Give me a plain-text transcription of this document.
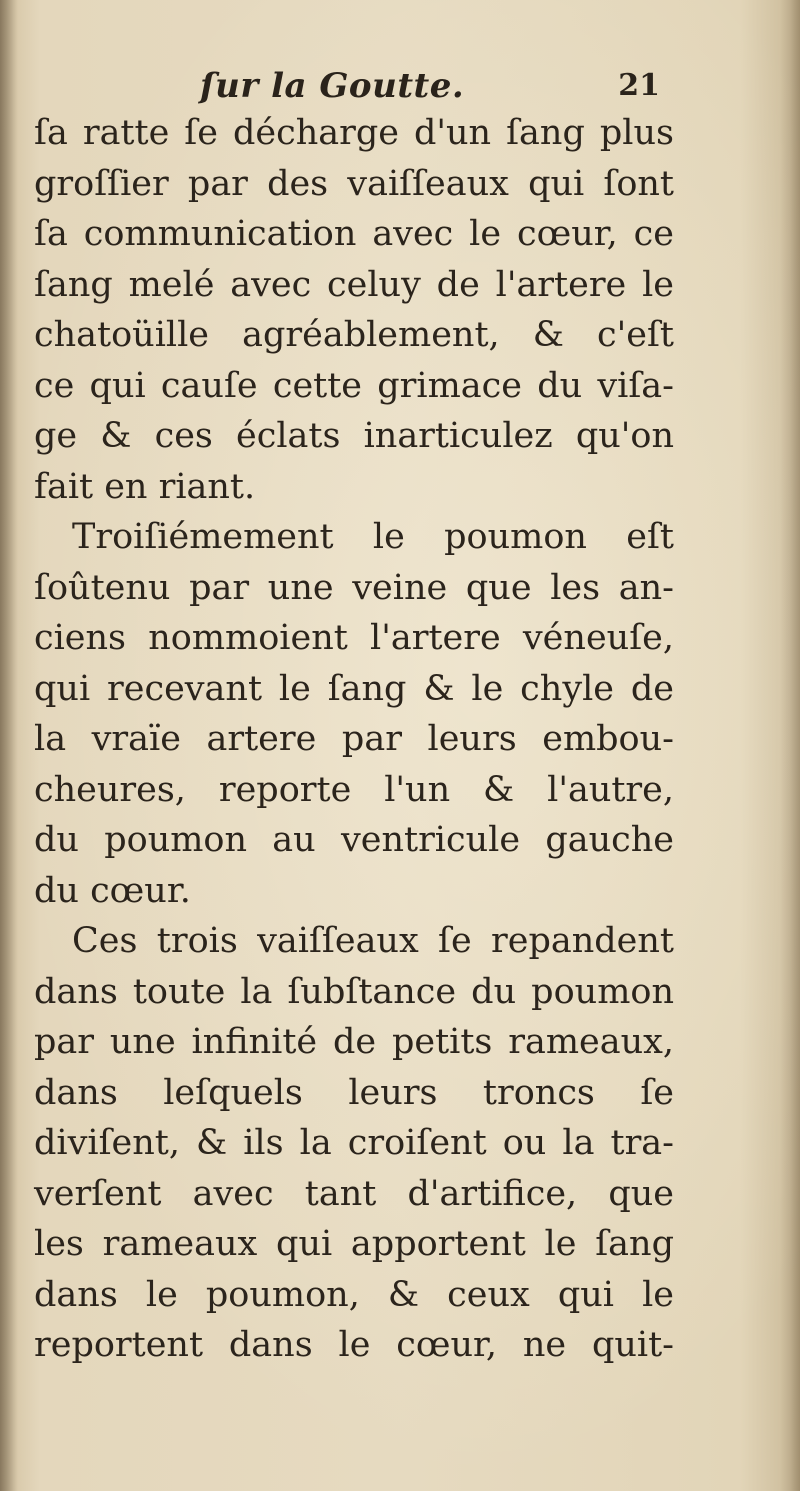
ſur la Goutte.	21
ſa ratte ſe décharge d'un ſang plus
groſſier par des vaiſſeaux qui ſont
ſa communication avec le cœur, ce
ſang melé avec celuy de l'artere le
chatoüille agréablement, & c'eſt
ce qui cauſe cette grimace du viſa-
ge & ces éclats inarticulez qu'on
fait en riant.
Troiſiémement le poumon eſt
ſoûtenu par une veine que les an-
ciens nommoient l'artere véneuſe,
qui recevant le ſang & le chyle de
la vraïe artere par leurs embou-
cheures, reporte l'un & l'autre,
du poumon au ventricule gauche
du cœur.
Ces trois vaiſſeaux ſe repandent
dans toute la ſubſtance du poumon
par une infinité de petits rameaux,
dans leſquels leurs troncs ſe
diviſent, & ils la croiſent ou la tra-
verſent avec tant d'artifice, que
les rameaux qui apportent le ſang
dans le poumon, & ceux qui le
reportent dans le cœur, ne quit-
